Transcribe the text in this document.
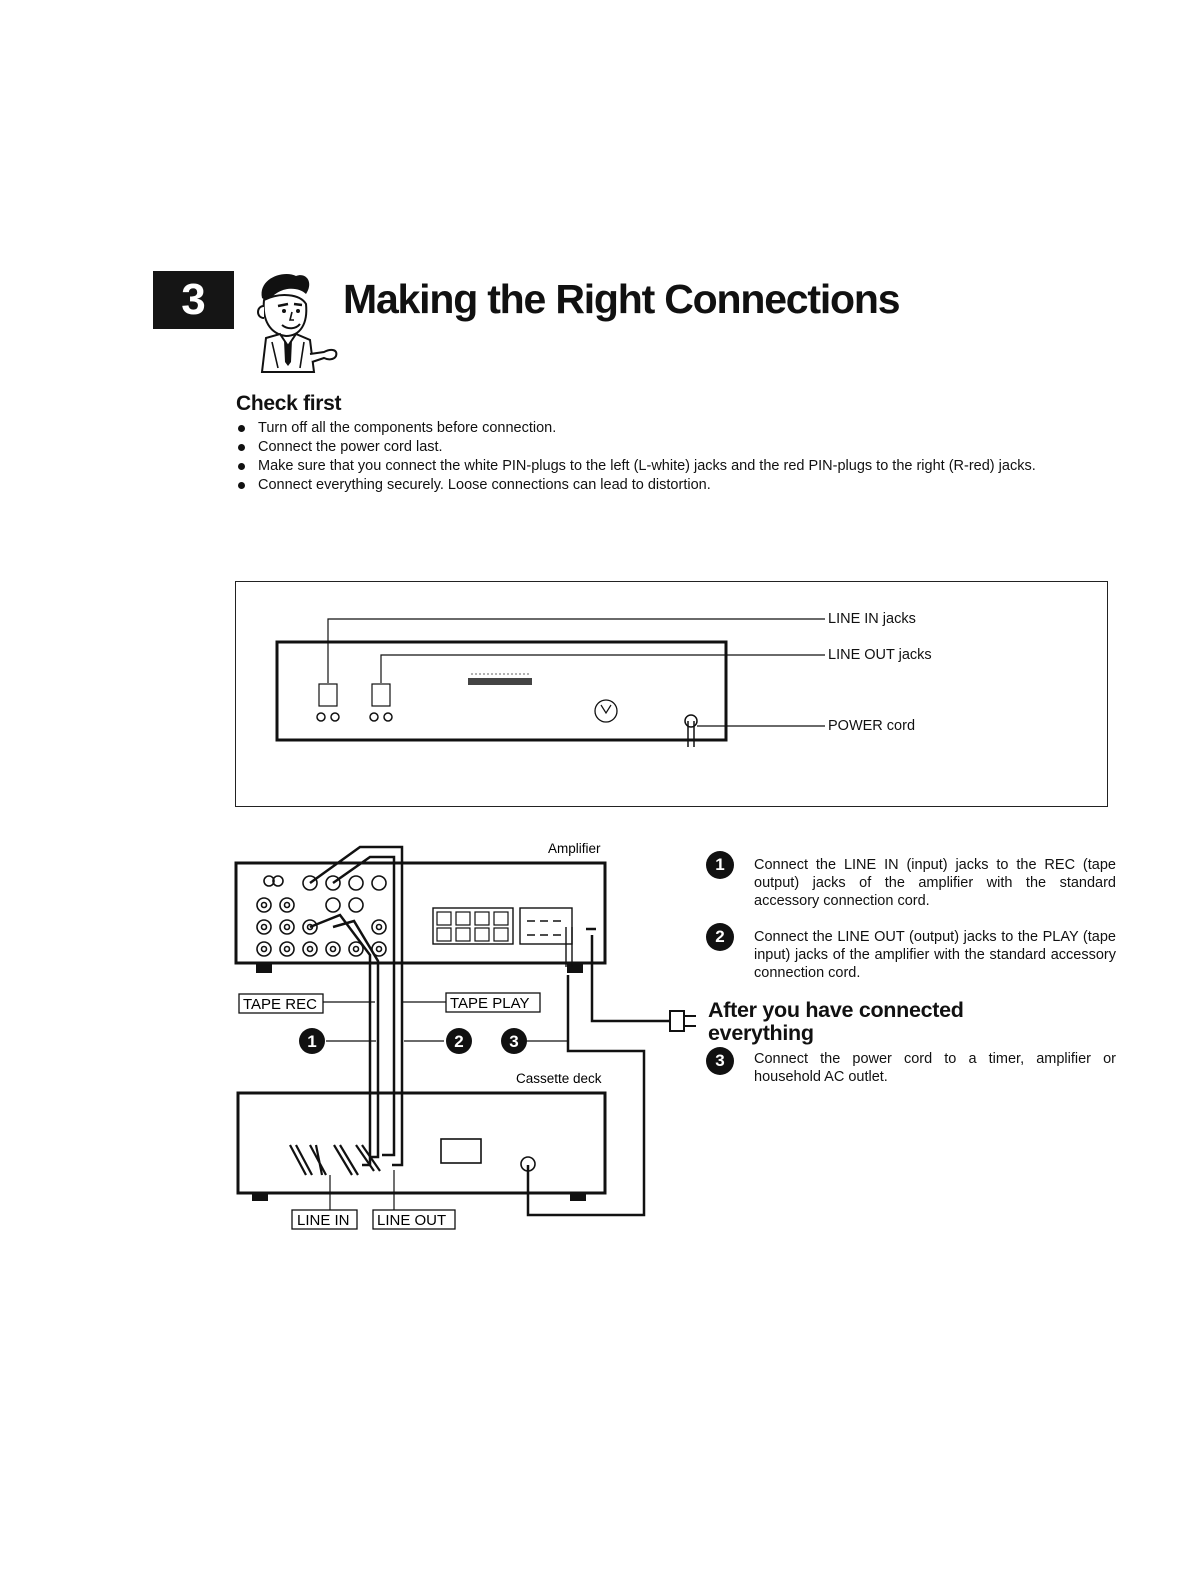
3	Making the Right Connections
Check first
Turn off all the components before connection.
Connect the power cord last.
Make sure that you connect the white PIN-plugs to the left (L-white) jacks and the red PIN-plugs to the right (R-red) jacks.
Connect everything securely. Loose connections can lead to distortion.
LINE IN jacks
LINE OUT jacks
POWER cord
Amplifier
Cassette deck
TAPE REC	TAPE PLAY
LINE IN LINE OUT
1	2	3
1	Connect the LINE IN (input) jacks to the REC (tape output) jacks of the amplifier with the standard accessory connection cord.
2	Connect the LINE OUT (output) jacks to the PLAY (tape input) jacks of the amplifier with the standard accessory connection cord.
After you have connected everything
3	Connect the power cord to a timer, amplifier or household AC outlet.
